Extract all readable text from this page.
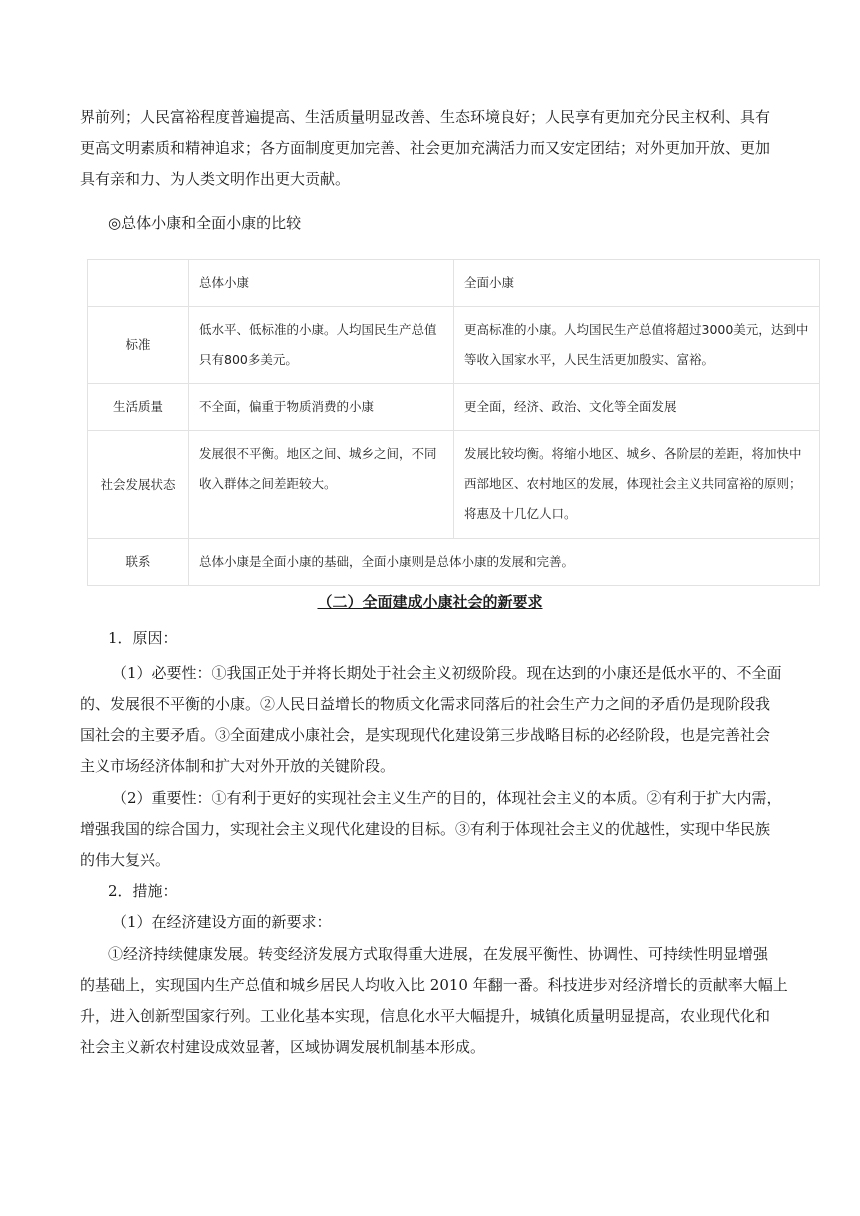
界前列；人民富裕程度普遍提高、生活质量明显改善、生态环境良好；人民享有更加充分民主权利、具有
更高文明素质和精神追求；各方面制度更加完善、社会更加充满活力而又安定团结；对外更加开放、更加
具有亲和力、为人类文明作出更大贡献。

◎总体小康和全面小康的比较

	总体小康	全面小康
标准	低水平、低标准的小康。人均国民生产总值只有800多美元。	更高标准的小康。人均国民生产总值将超过3000美元，达到中等收入国家水平，人民生活更加殷实、富裕。
生活质量	不全面，偏重于物质消费的小康	更全面，经济、政治、文化等全面发展
社会发展状态	发展很不平衡。地区之间、城乡之间，不同收入群体之间差距较大。	发展比较均衡。将缩小地区、城乡、各阶层的差距，将加快中西部地区、农村地区的发展，体现社会主义共同富裕的原则；将惠及十几亿人口。
联系	总体小康是全面小康的基础，全面小康则是总体小康的发展和完善。	

（二）全面建成小康社会的新要求

1．原因：

（1）必要性：①我国正处于并将长期处于社会主义初级阶段。现在达到的小康还是低水平的、不全面
的、发展很不平衡的小康。②人民日益增长的物质文化需求同落后的社会生产力之间的矛盾仍是现阶段我
国社会的主要矛盾。③全面建成小康社会，是实现现代化建设第三步战略目标的必经阶段，也是完善社会
主义市场经济体制和扩大对外开放的关键阶段。

（2）重要性：①有利于更好的实现社会主义生产的目的，体现社会主义的本质。②有利于扩大内需，
增强我国的综合国力，实现社会主义现代化建设的目标。③有利于体现社会主义的优越性，实现中华民族
的伟大复兴。

2．措施：

（1）在经济建设方面的新要求：

①经济持续健康发展。转变经济发展方式取得重大进展，在发展平衡性、协调性、可持续性明显增强
的基础上，实现国内生产总值和城乡居民人均收入比 2010 年翻一番。科技进步对经济增长的贡献率大幅上
升，进入创新型国家行列。工业化基本实现，信息化水平大幅提升，城镇化质量明显提高，农业现代化和
社会主义新农村建设成效显著，区域协调发展机制基本形成。
